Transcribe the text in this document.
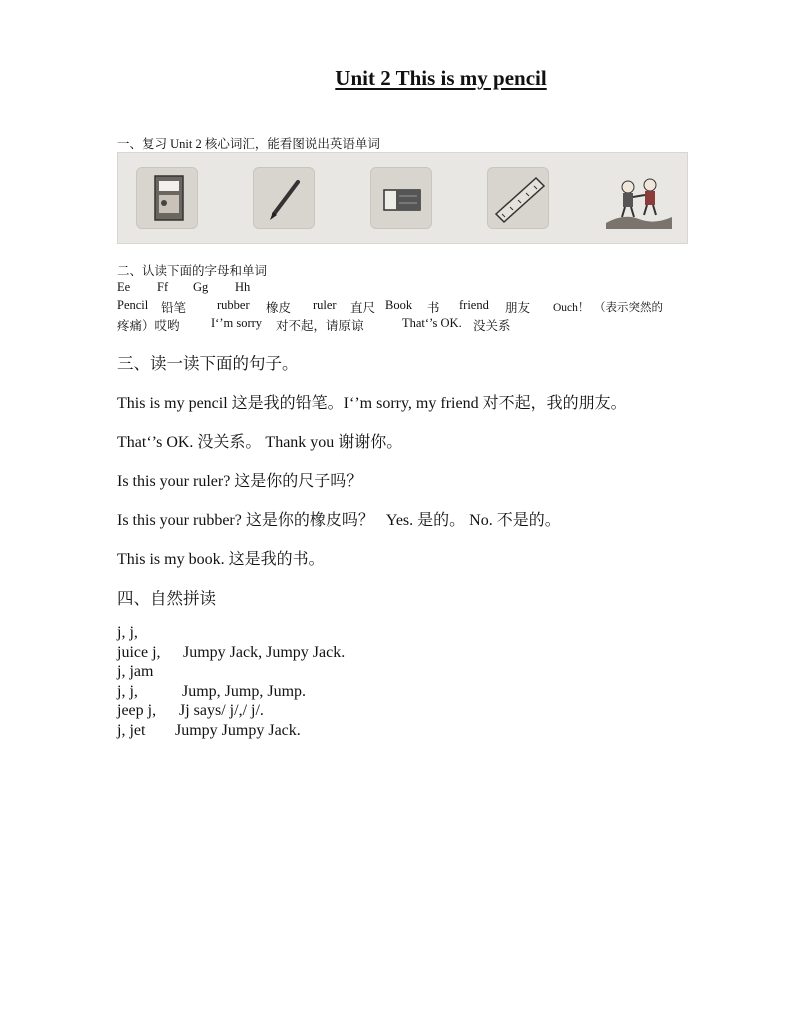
Unit 2 This is my pencil
一、复习 Unit 2 核心词汇，能看图说出英语单词
二、认读下面的字母和单词
Ee Ff Gg Hh
Pencil 铅笔 rubber 橡皮 ruler 直尺 Book 书 friend 朋友 Ouch！ （表示突然的
疼痛）哎哟	I‘’m sorry 对不起，请原谅	That‘’s OK. 没关系
三、读一读下面的句子。
This is my pencil 这是我的铅笔。I‘’m sorry, my friend 对不起，我的朋友。
That‘’s OK. 没关系。 Thank you 谢谢你。
Is this your ruler? 这是你的尺子吗？
Is this your rubber? 这是你的橡皮吗？   Yes. 是的。 No. 不是的。
This is my book. 这是我的书。
四、自然拼读
j, j,
juice j, Jumpy Jack, Jumpy Jack.
j, jam
j, j,	Jump, Jump, Jump.
jeep j, Jj says/ j/,/ j/.
j, jet Jumpy Jumpy Jack.
